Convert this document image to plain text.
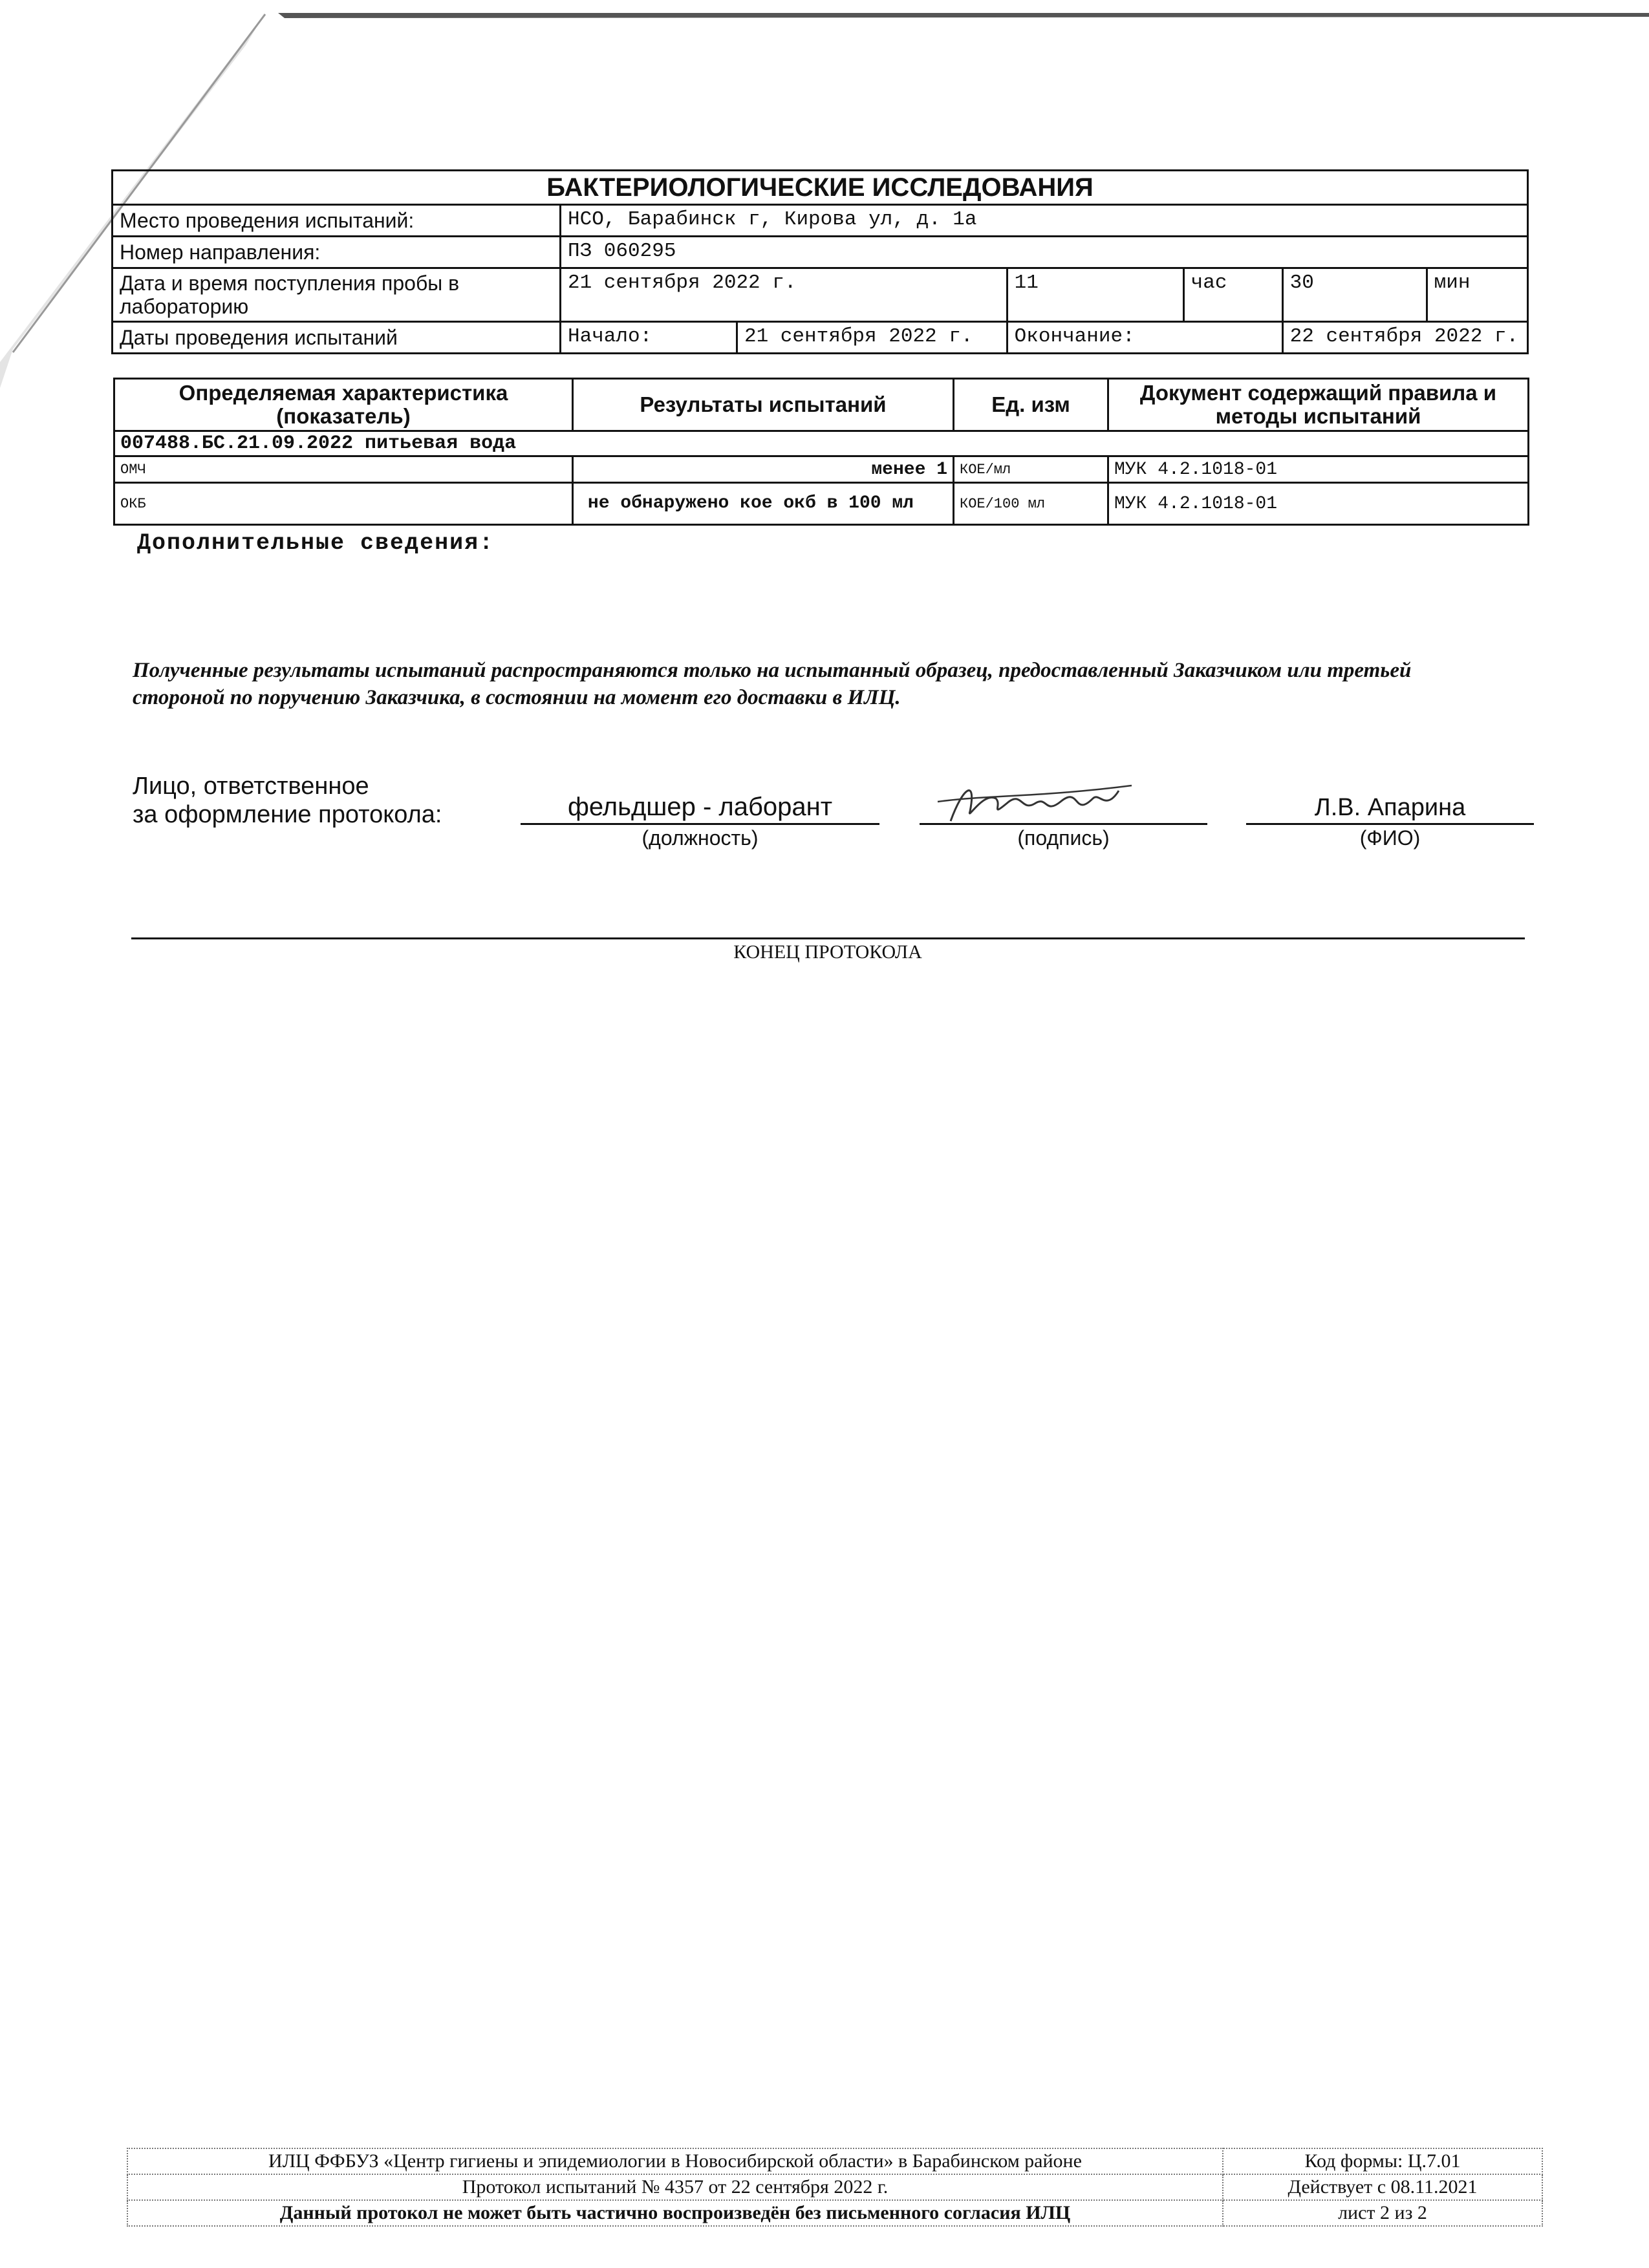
БАКТЕРИОЛОГИЧЕСКИЕ ИССЛЕДОВАНИЯ						
Место проведения испытаний:	НСО, Барабинск г, Кирова ул, д. 1а					
Номер направления:	ПЗ 060295					
Дата и время поступления пробы в лабораторию	21 сентября 2022 г.		11	час	30	мин
Даты проведения испытаний	Начало:	21 сентября 2022 г.	Окончание:		22 сентября 2022 г.	
Определяемая характеристика (показатель)	Результаты испытаний	Ед. изм	Документ содержащий правила и методы испытаний
007488.БС.21.09.2022 питьевая вода			
ОМЧ	менее 1	КОЕ/мл	МУК 4.2.1018-01
ОКБ	не обнаружено кое окб в 100 мл	КОЕ/100 мл	МУК 4.2.1018-01
Дополнительные сведения:
Полученные результаты испытаний распространяются только на испытанный образец, предоставленный Заказчиком или третьей стороной по поручению Заказчика, в состоянии на момент его доставки в ИЛЦ.
Лицо, ответственное
за оформление протокола:	фельдшер - лаборант
(должность)	(подпись)
Л.В. Апарина
(ФИО)
КОНЕЦ ПРОТОКОЛА
ИЛЦ ФФБУЗ «Центр гигиены и эпидемиологии в Новосибирской области» в Барабинском районе	Код формы: Ц.7.01
Протокол испытаний № 4357 от 22 сентября 2022 г.	Действует с 08.11.2021
Данный протокол не может быть частично воспроизведён без письменного согласия ИЛЦ	лист 2 из 2
